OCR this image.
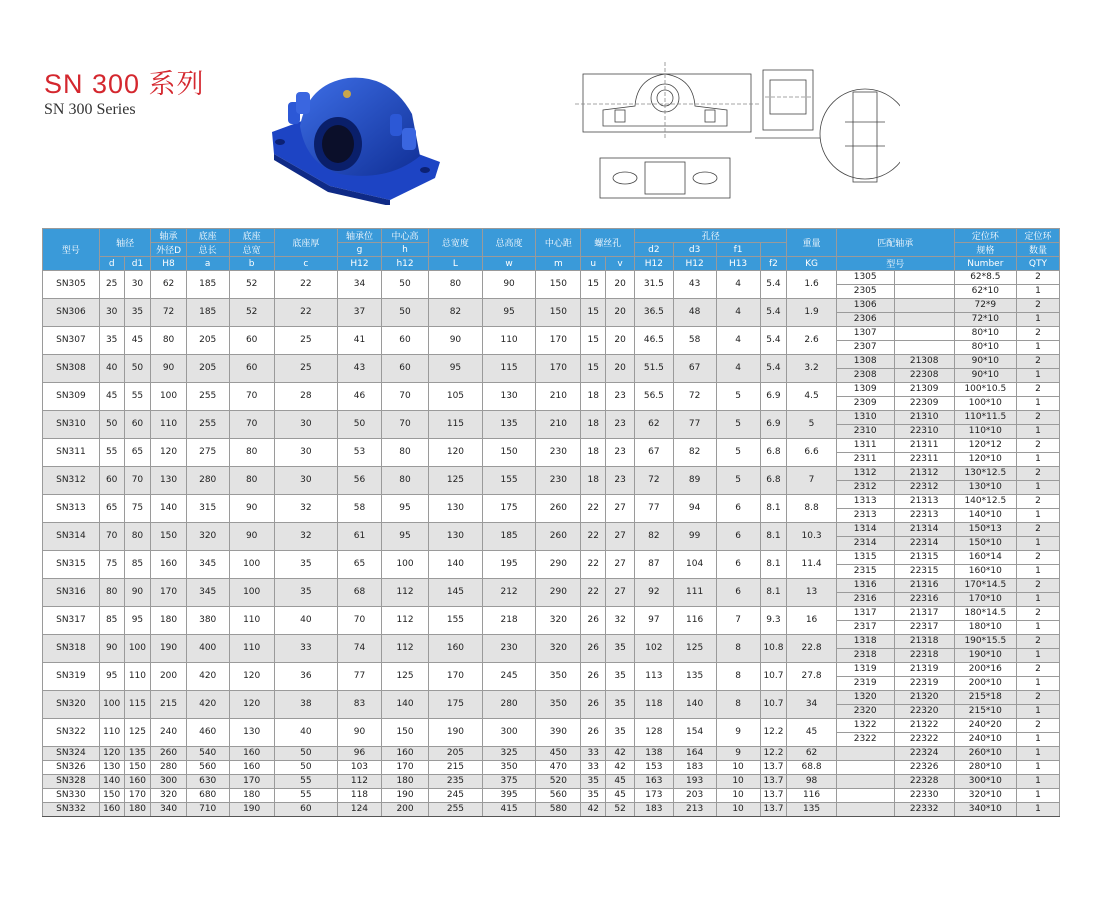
SN 300 系列
SN 300 Series
型号	轴径		轴承	底座	底座	底座厚	轴承位	中心高	总宽度	总高度	中心距	螺丝孔		孔径				重量	匹配轴承		定位环	定位环
			外径D	总长	总宽		g	h						d2	d3	f1					规格	数量
	d	d1	H8	a	b	c	H12	h12	L	w	m	u	v	H12	H12	H13	f2	KG	型号		Number	QTY
SN305	25	30	62	185	52	22	34	50	80	90	150	15	20	31.5	43	4	5.4	1.6	1305		62*8.5	2
																			2305		62*10	1
SN306	30	35	72	185	52	22	37	50	82	95	150	15	20	36.5	48	4	5.4	1.9	1306		72*9	2
																			2306		72*10	1
SN307	35	45	80	205	60	25	41	60	90	110	170	15	20	46.5	58	4	5.4	2.6	1307		80*10	2
																			2307		80*10	1
SN308	40	50	90	205	60	25	43	60	95	115	170	15	20	51.5	67	4	5.4	3.2	1308	21308	90*10	2
																			2308	22308	90*10	1
SN309	45	55	100	255	70	28	46	70	105	130	210	18	23	56.5	72	5	6.9	4.5	1309	21309	100*10.5	2
																			2309	22309	100*10	1
SN310	50	60	110	255	70	30	50	70	115	135	210	18	23	62	77	5	6.9	5	1310	21310	110*11.5	2
																			2310	22310	110*10	1
SN311	55	65	120	275	80	30	53	80	120	150	230	18	23	67	82	5	6.8	6.6	1311	21311	120*12	2
																			2311	22311	120*10	1
SN312	60	70	130	280	80	30	56	80	125	155	230	18	23	72	89	5	6.8	7	1312	21312	130*12.5	2
																			2312	22312	130*10	1
SN313	65	75	140	315	90	32	58	95	130	175	260	22	27	77	94	6	8.1	8.8	1313	21313	140*12.5	2
																			2313	22313	140*10	1
SN314	70	80	150	320	90	32	61	95	130	185	260	22	27	82	99	6	8.1	10.3	1314	21314	150*13	2
																			2314	22314	150*10	1
SN315	75	85	160	345	100	35	65	100	140	195	290	22	27	87	104	6	8.1	11.4	1315	21315	160*14	2
																			2315	22315	160*10	1
SN316	80	90	170	345	100	35	68	112	145	212	290	22	27	92	111	6	8.1	13	1316	21316	170*14.5	2
																			2316	22316	170*10	1
SN317	85	95	180	380	110	40	70	112	155	218	320	26	32	97	116	7	9.3	16	1317	21317	180*14.5	2
																			2317	22317	180*10	1
SN318	90	100	190	400	110	33	74	112	160	230	320	26	35	102	125	8	10.8	22.8	1318	21318	190*15.5	2
																			2318	22318	190*10	1
SN319	95	110	200	420	120	36	77	125	170	245	350	26	35	113	135	8	10.7	27.8	1319	21319	200*16	2
																			2319	22319	200*10	1
SN320	100	115	215	420	120	38	83	140	175	280	350	26	35	118	140	8	10.7	34	1320	21320	215*18	2
																			2320	22320	215*10	1
SN322	110	125	240	460	130	40	90	150	190	300	390	26	35	128	154	9	12.2	45	1322	21322	240*20	2
																			2322	22322	240*10	1
SN324	120	135	260	540	160	50	96	160	205	325	450	33	42	138	164	9	12.2	62		22324	260*10	1
SN326	130	150	280	560	160	50	103	170	215	350	470	33	42	153	183	10	13.7	68.8		22326	280*10	1
SN328	140	160	300	630	170	55	112	180	235	375	520	35	45	163	193	10	13.7	98		22328	300*10	1
SN330	150	170	320	680	180	55	118	190	245	395	560	35	45	173	203	10	13.7	116		22330	320*10	1
SN332	160	180	340	710	190	60	124	200	255	415	580	42	52	183	213	10	13.7	135		22332	340*10	1
